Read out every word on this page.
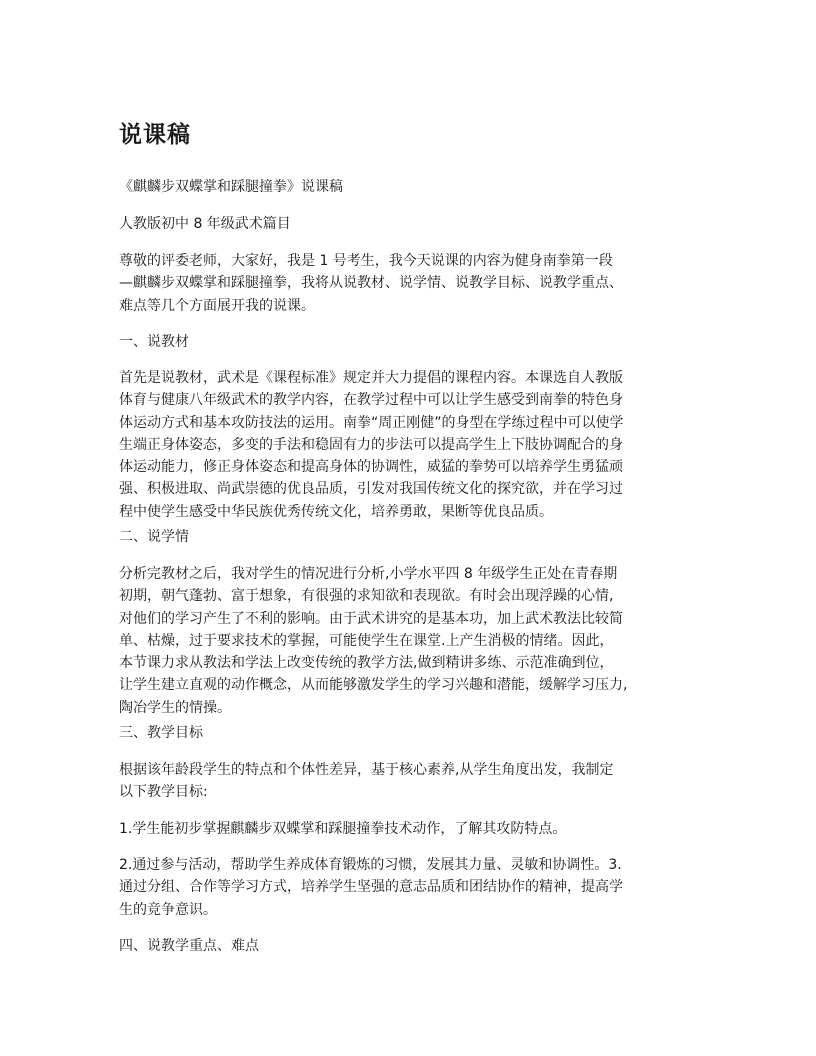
说课稿

《麒麟步双蝶掌和踩腿撞拳》说课稿

人教版初中 8 年级武术篇目

尊敬的评委老师，大家好，我是 1 号考生，我今天说课的内容为健身南拳第一段
—麒麟步双蝶掌和踩腿撞拳，我将从说教材、说学情、说教学目标、说教学重点、
难点等几个方面展开我的说课。

一、说教材

首先是说教材，武术是《课程标准》规定并大力提倡的课程内容。本课选自人教版
体育与健康八年级武术的教学内容，在教学过程中可以让学生感受到南拳的特色身
体运动方式和基本攻防技法的运用。南拳“周正刚健”的身型在学练过程中可以使学
生端正身体姿态，多变的手法和稳固有力的步法可以提高学生上下肢协调配合的身
体运动能力，修正身体姿态和提高身体的协调性，威猛的拳势可以培养学生勇猛顽
强、积极进取、尚武崇德的优良品质，引发对我国传统文化的探究欲，并在学习过
程中使学生感受中华民族优秀传统文化，培养勇敢，果断等优良品质。

二、说学情

分析完教材之后，我对学生的情况进行分析,小学水平四 8 年级学生正处在青春期
初期，朝气蓬勃、富于想象，有很强的求知欲和表现欲。有时会出现浮躁的心情,
对他们的学习产生了不利的影响。由于武术讲究的是基本功，加上武术教法比较简
单、枯燥，过于要求技术的掌握，可能使学生在课堂.上产生消极的情绪。因此，
本节课力求从教法和学法上改变传统的教学方法,做到精讲多练、示范准确到位，
让学生建立直观的动作概念，从而能够激发学生的学习兴趣和潜能，缓解学习压力,
陶冶学生的情操。

三、教学目标

根据该年龄段学生的特点和个体性差异，基于核心素养,从学生角度出发，我制定
以下教学目标:

1.学生能初步掌握麒麟步双蝶掌和踩腿撞拳技术动作，了解其攻防特点。

2.通过参与活动，帮助学生养成体育锻炼的习惯，发展其力量、灵敏和协调性。3.
通过分组、合作等学习方式，培养学生坚强的意志品质和团结协作的精神，提高学
生的竞争意识。

四、说教学重点、难点
